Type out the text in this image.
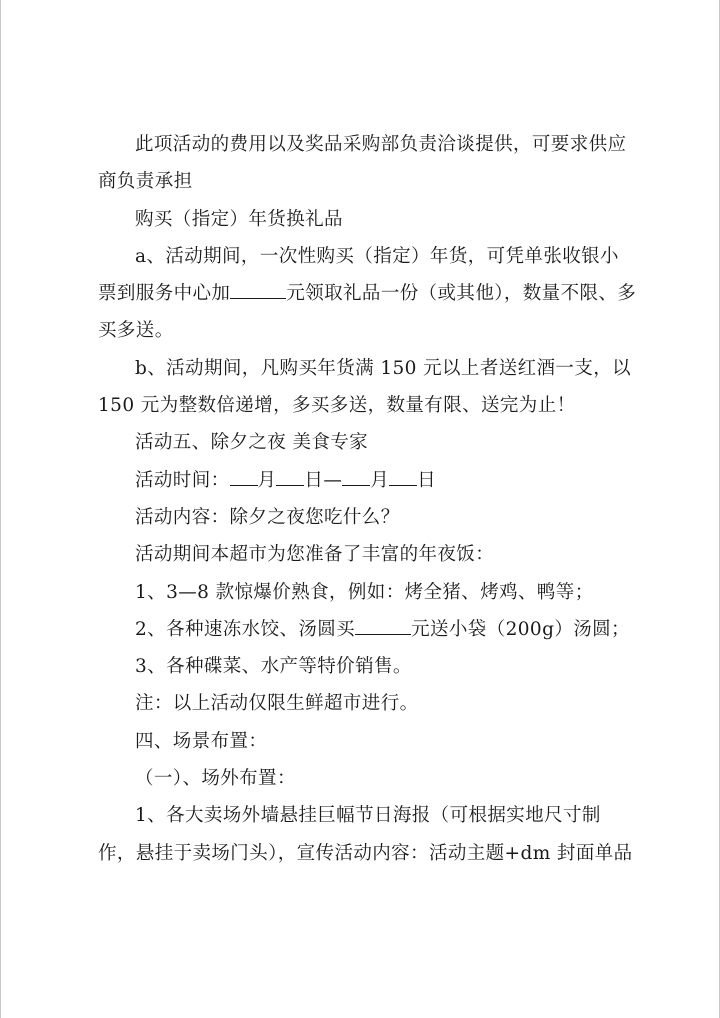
此项活动的费用以及奖品采购部负责洽谈提供，可要求供应

商负责承担

购买（指定）年货换礼品

a、活动期间，一次性购买（指定）年货，可凭单张收银小

票到服务中心加	元领取礼品一份（或其他），数量不限、多

买多送。

b、活动期间，凡购买年货满 150 元以上者送红酒一支，以

150 元为整数倍递增，多买多送，数量有限、送完为止！

活动五、除夕之夜 美食专家

活动时间： 月 日— 月 日

活动内容：除夕之夜您吃什么？

活动期间本超市为您准备了丰富的年夜饭：

1、3—8 款惊爆价熟食，例如：烤全猪、烤鸡、鸭等；

2、各种速冻水饺、汤圆买	元送小袋（200g）汤圆；

3、各种碟菜、水产等特价销售。

注：以上活动仅限生鲜超市进行。

四、场景布置：

（一）、场外布置：

1、各大卖场外墙悬挂巨幅节日海报（可根据实地尺寸制

作，悬挂于卖场门头），宣传活动内容：活动主题+dm 封面单品
